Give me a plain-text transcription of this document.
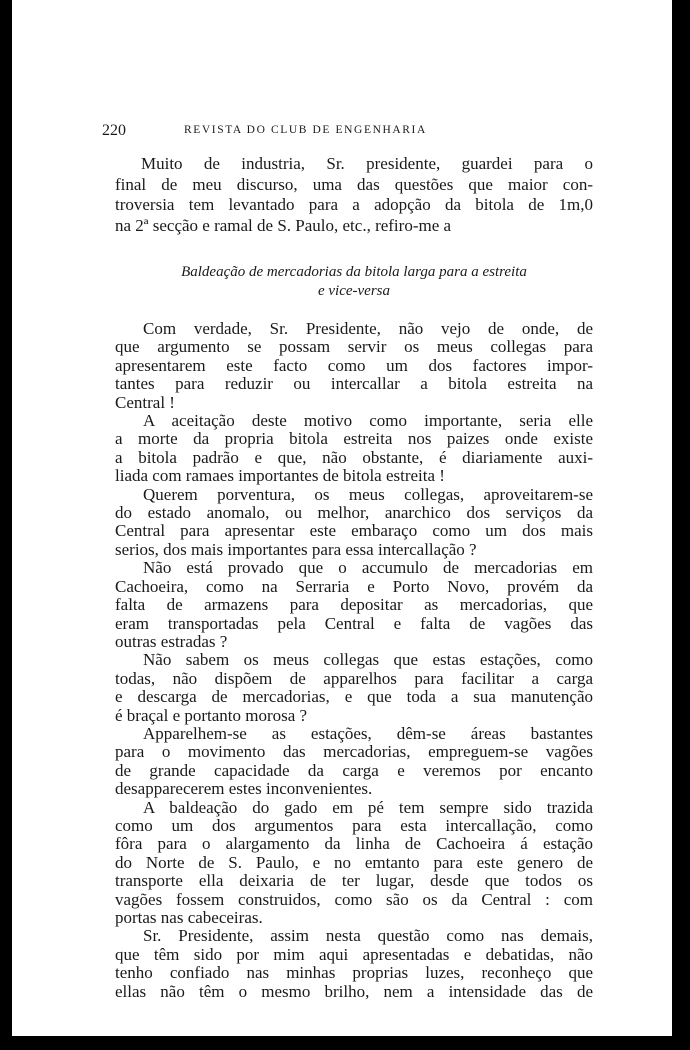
220	REVISTA DO CLUB DE ENGENHARIA
Muito de industria, Sr. presidente, guardei para o
final de meu discurso, uma das questões que maior con-
troversia tem levantado para a adopção da bitola de 1m,0
na 2ª secção e ramal de S. Paulo, etc., refiro-me a
Baldeação de mercadorias da bitola larga para a estreita
e vice-versa
Com verdade, Sr. Presidente, não vejo de onde, de
que argumento se possam servir os meus collegas para
apresentarem este facto como um dos factores impor-
tantes para reduzir ou intercallar a bitola estreita na
Central !
A aceitação deste motivo como importante, seria elle
a morte da propria bitola estreita nos paizes onde existe
a bitola padrão e que, não obstante, é diariamente auxi-
liada com ramaes importantes de bitola estreita !
Querem porventura, os meus collegas, aproveitarem-se
do estado anomalo, ou melhor, anarchico dos serviços da
Central para apresentar este embaraço como um dos mais
serios, dos mais importantes para essa intercallação ?
Não está provado que o accumulo de mercadorias em
Cachoeira, como na Serraria e Porto Novo, provém da
falta de armazens para depositar as mercadorias, que
eram transportadas pela Central e falta de vagões das
outras estradas ?
Não sabem os meus collegas que estas estações, como
todas, não dispõem de apparelhos para facilitar a carga
e descarga de mercadorias, e que toda a sua manutenção
é braçal e portanto morosa ?
Apparelhem-se as estações, dêm-se áreas bastantes
para o movimento das mercadorias, empreguem-se vagões
de grande capacidade da carga e veremos por encanto
desapparecerem estes inconvenientes.
A baldeação do gado em pé tem sempre sido trazida
como um dos argumentos para esta intercallação, como
fôra para o alargamento da linha de Cachoeira á estação
do Norte de S. Paulo, e no emtanto para este genero de
transporte ella deixaria de ter lugar, desde que todos os
vagões fossem construidos, como são os da Central : com
portas nas cabeceiras.
Sr. Presidente, assim nesta questão como nas demais,
que têm sido por mim aqui apresentadas e debatidas, não
tenho confiado nas minhas proprias luzes, reconheço que
ellas não têm o mesmo brilho, nem a intensidade das de
